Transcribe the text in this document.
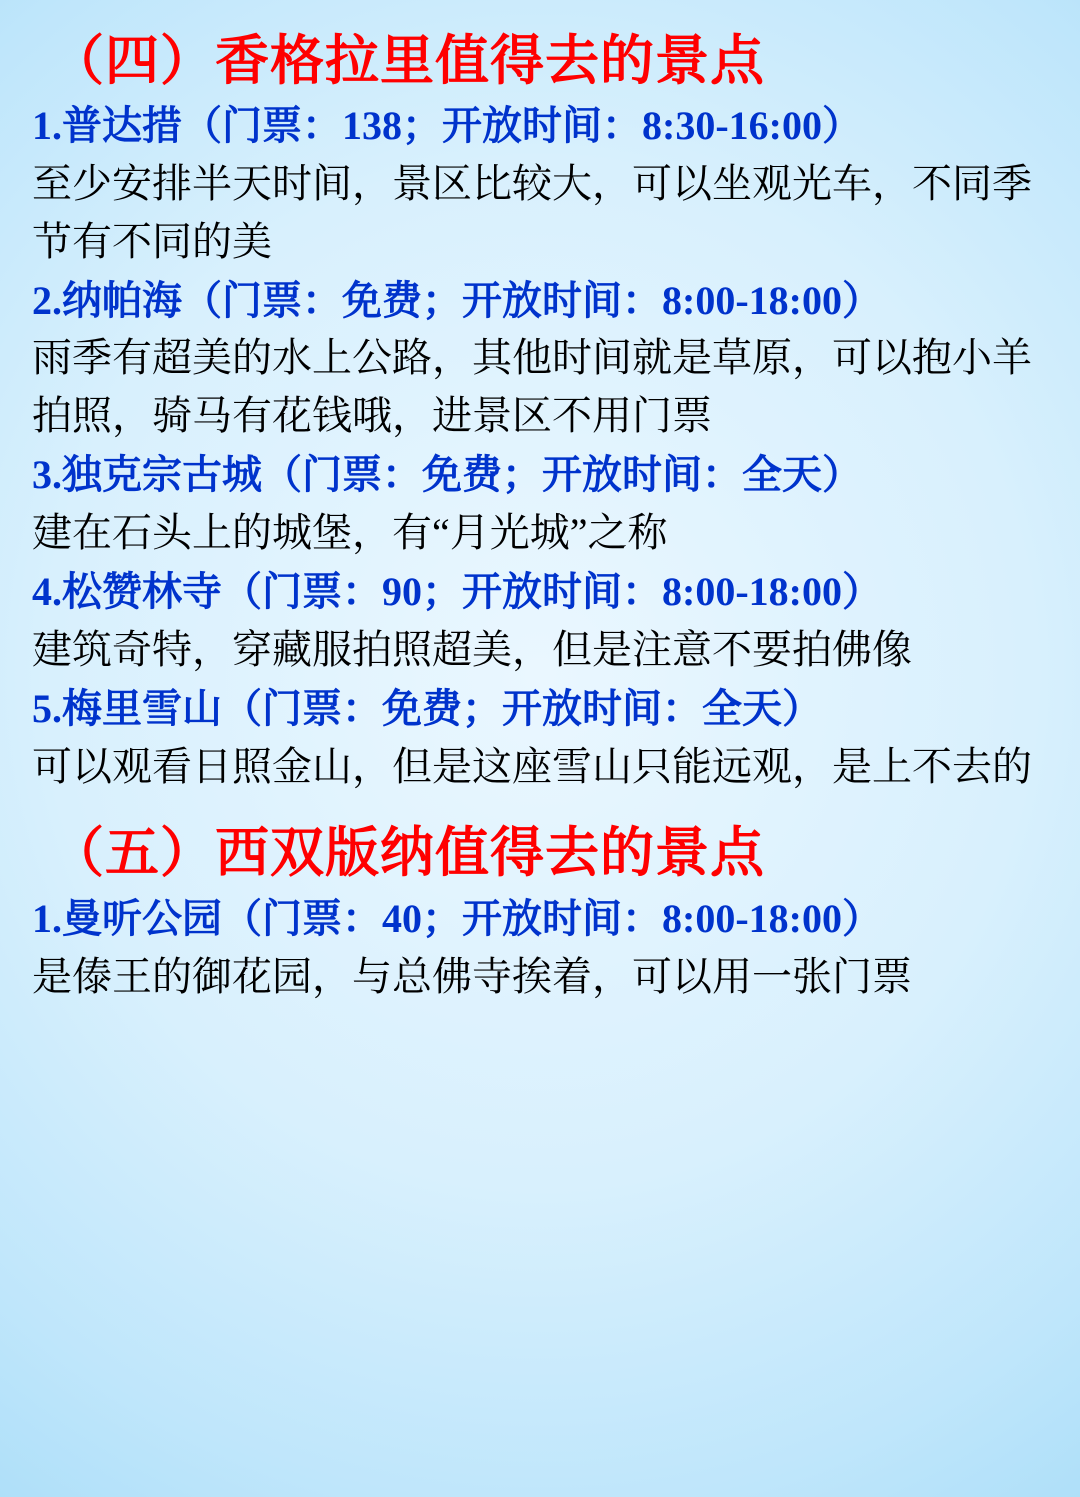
（四）香格拉里值得去的景点

1.普达措（门票：138；开放时间：8:30-16:00）

至少安排半天时间，景区比较大，可以坐观光车，不同季节有不同的美

2.纳帕海（门票：免费；开放时间：8:00-18:00）

雨季有超美的水上公路，其他时间就是草原，可以抱小羊拍照，骑马有花钱哦，进景区不用门票

3.独克宗古城（门票：免费；开放时间：全天）

建在石头上的城堡，有“月光城”之称

4.松赞林寺（门票：90；开放时间：8:00-18:00）

建筑奇特，穿藏服拍照超美，但是注意不要拍佛像

5.梅里雪山（门票：免费；开放时间：全天）

可以观看日照金山，但是这座雪山只能远观，是上不去的

（五）西双版纳值得去的景点

1.曼听公园（门票：40；开放时间：8:00-18:00）

是傣王的御花园，与总佛寺挨着，可以用一张门票
